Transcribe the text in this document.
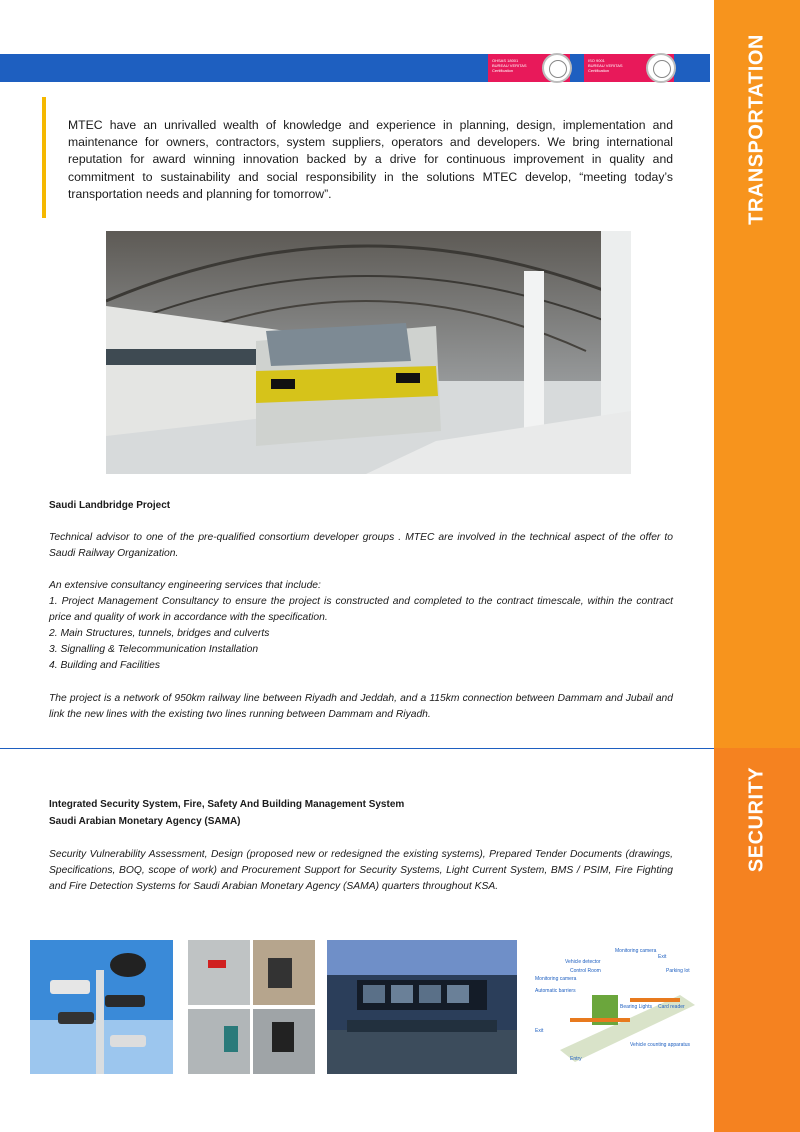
OHSAS 18001
BUREAU VERITAS
Certification
ISO 9001
BUREAU VERITAS
Certification	TRANSPORTATION
SECURITY

MTEC have an unrivalled wealth of knowledge and experience in planning, design, implementation and maintenance for owners, contractors, system suppliers, operators and developers. We bring international reputation for award winning innovation backed by a drive for continuous improvement in quality and commitment to sustainability and social responsibility in the solutions MTEC develop, “meeting today’s transportation needs and planning for tomorrow”.

Saudi Landbridge Project

Technical advisor to one of the pre-qualified consortium developer groups . MTEC are involved in the technical aspect of the offer to Saudi Railway Organization.

An extensive consultancy engineering services that include:

1. Project Management Consultancy to ensure the project is constructed and completed to the contract timescale, within the contract price and quality of work in accordance with the specification.

2. Main Structures, tunnels, bridges and culverts

3. Signalling & Telecommunication Installation

4. Building and Facilities

The project is a network of 950km railway line between Riyadh and Jeddah, and a 115km connection between Dammam and Jubail and link the new lines with the existing two lines running between Dammam and Riyadh.

Integrated Security System, Fire, Safety And Building Management System
Saudi Arabian Monetary Agency (SAMA)

Security Vulnerability Assessment, Design (proposed new or redesigned the existing systems), Prepared Tender Documents (drawings, Specifications, BOQ, scope of work) and Procurement Support for Security Systems, Light Current System, BMS / PSIM, Fire Fighting and Fire Detection Systems for Saudi Arabian Monetary Agency (SAMA) quarters throughout KSA.

Monitoring camera
Exit
Vehicle detector
Control Room	Parking lot
Monitoring camera
Automatic barriers
Bearing Lights Card reader
Exit
Entry
Vehicle counting apparatus
